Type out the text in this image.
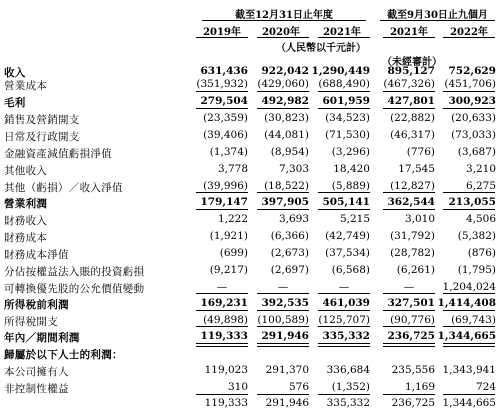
截至12月31日止年度	截至9月30日止九個月
2019年	2020年	2021年	2021年	2022年
（人民幣以千元計）
（未經審計）
收入	631,436	922,042 1,290,449	895,127	752,629
營業成本	(351,932) (429,060) (688,490)	(467,326) (451,706)
毛利	279,504	492,982	601,959	427,801	300,923
銷售及營銷開支	(23,359)	(30,823)	(34,523)	(22,882)	(20,633)
日常及行政開支	(39,406)	(44,081)	(71,530)	(46,317)	(73,033)
金融資產減值虧損淨值	(1,374)	(8,954)	(3,296)	(776)	(3,687)
其他收入	3,778	7,303	18,420	17,545	3,210
其他（虧損）／收入淨值	(39,996)	(18,522)	(5,889)	(12,827)	6,275
營業利潤	179,147	397,905	505,141	362,544	213,055
財務收入	1,222	3,693	5,215	3,010	4,506
財務成本	(1,921)	(6,366)	(42,749)	(31,792)	(5,382)
財務成本淨值	(699)	(2,673)	(37,534)	(28,782)	(876)
分佔按權益法入賬的投資虧損	(9,217)	(2,697)	(6,568)	(6,261)	(1,795)
可轉換優先股的公允價值變動	—	—	—	—	1,204,024
所得稅前利潤	169,231	392,535	461,039	327,501 1,414,408
所得稅開支	(49,898) (100,589) (125,707)	(90,776)	(69,743)
年內／期間利潤	119,333	291,946	335,332	236,725 1,344,665
歸屬於以下人士的利潤：
本公司擁有人	119,023	291,370	336,684	235,556 1,343,941
非控制性權益	310	576	(1,352)	1,169	724
119,333	291,946	335,332	236,725 1,344,665
